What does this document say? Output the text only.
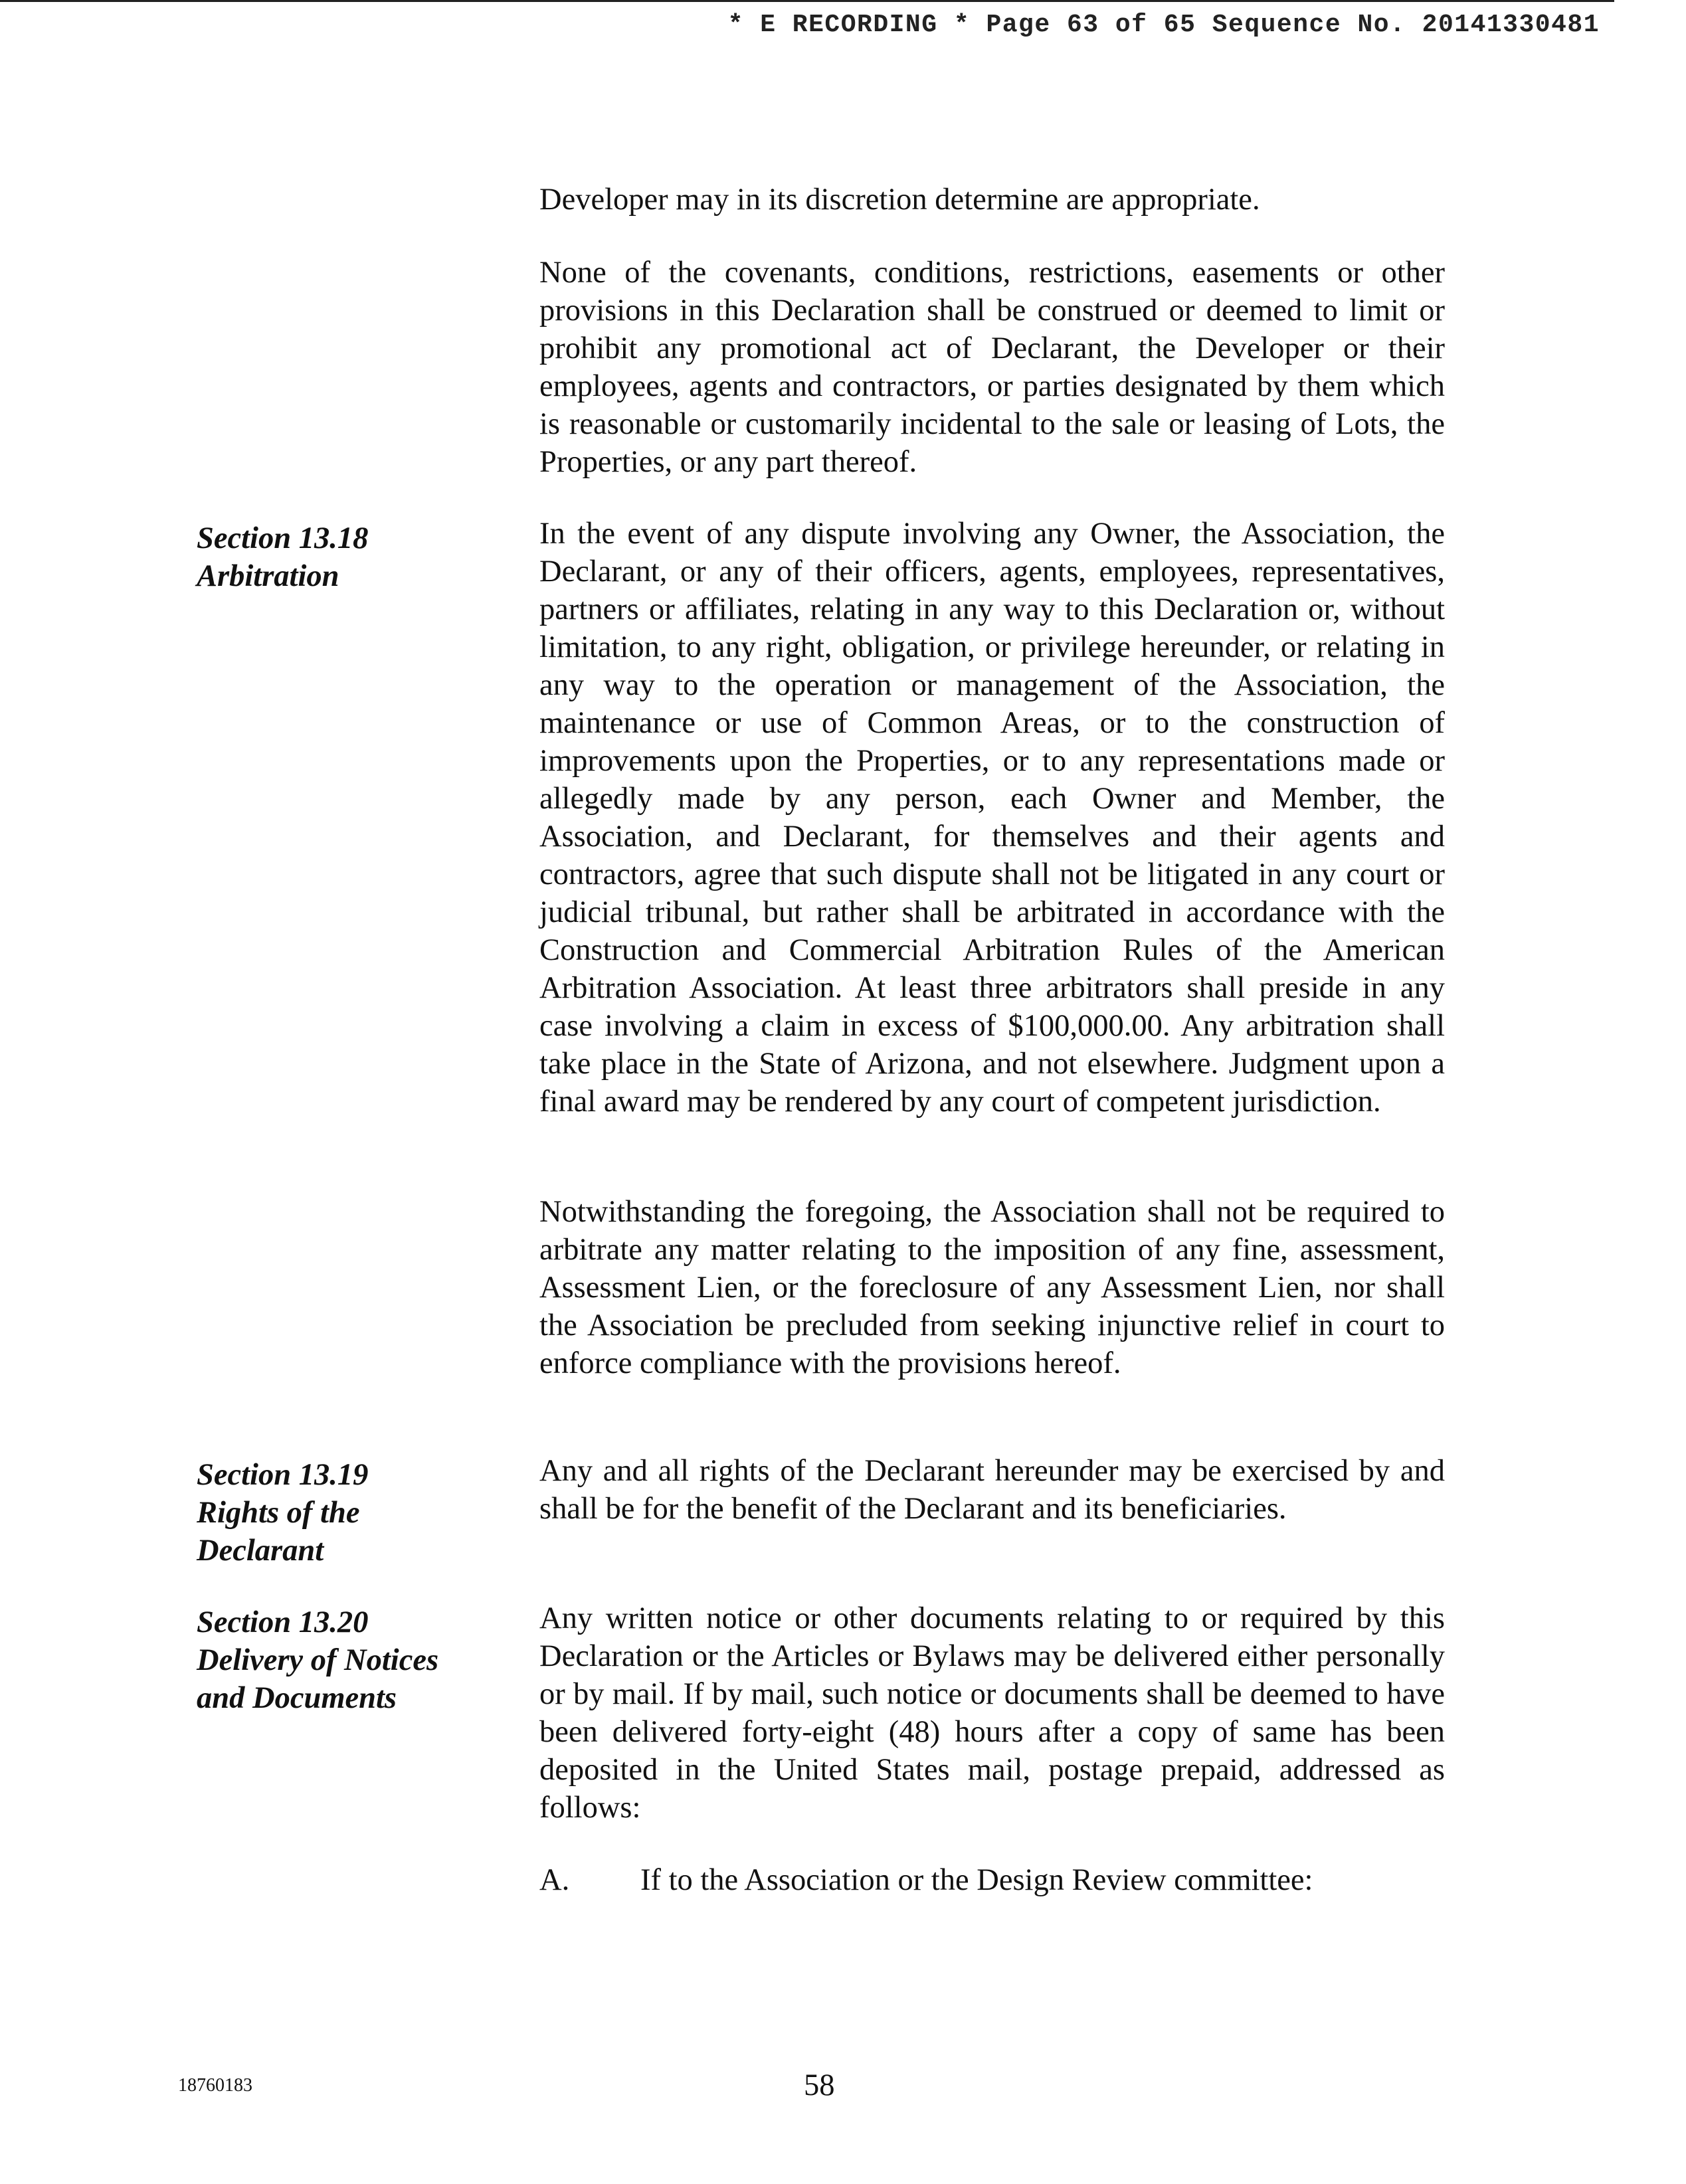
* E RECORDING * Page 63 of 65 Sequence No. 20141330481

Developer may in its discretion determine are appropriate.

None of the covenants, conditions, restrictions, easements or other provisions in this Declaration shall be construed or deemed to limit or prohibit any promotional act of Declarant, the Developer or their employees, agents and contractors, or parties designated by them which is reasonable or customarily incidental to the sale or leasing of Lots, the Properties, or any part thereof.

Section 13.18
Arbitration

In the event of any dispute involving any Owner, the Association, the Declarant, or any of their officers, agents, employees, representatives, partners or affiliates, relating in any way to this Declaration or, without limitation, to any right, obligation, or privilege hereunder, or relating in any way to the operation or management of the Association, the maintenance or use of Common Areas, or to the construction of improvements upon the Properties, or to any representations made or allegedly made by any person, each Owner and Member, the Association, and Declarant, for themselves and their agents and contractors, agree that such dispute shall not be litigated in any court or judicial tribunal, but rather shall be arbitrated in accordance with the Construction and Commercial Arbitration Rules of the American Arbitration Association. At least three arbitrators shall preside in any case involving a claim in excess of $100,000.00. Any arbitration shall take place in the State of Arizona, and not elsewhere. Judgment upon a final award may be rendered by any court of competent jurisdiction.

Notwithstanding the foregoing, the Association shall not be required to arbitrate any matter relating to the imposition of any fine, assessment, Assessment Lien, or the foreclosure of any Assessment Lien, nor shall the Association be precluded from seeking injunctive relief in court to enforce compliance with the provisions hereof.

Section 13.19
Rights of the
Declarant

Any and all rights of the Declarant hereunder may be exercised by and shall be for the benefit of the Declarant and its beneficiaries.

Section 13.20
Delivery of Notices
and Documents

Any written notice or other documents relating to or required by this Declaration or the Articles or Bylaws may be delivered either personally or by mail. If by mail, such notice or documents shall be deemed to have been delivered forty-eight (48) hours after a copy of same has been deposited in the United States mail, postage prepaid, addressed as follows:

A. If to the Association or the Design Review committee:
18760183	58
